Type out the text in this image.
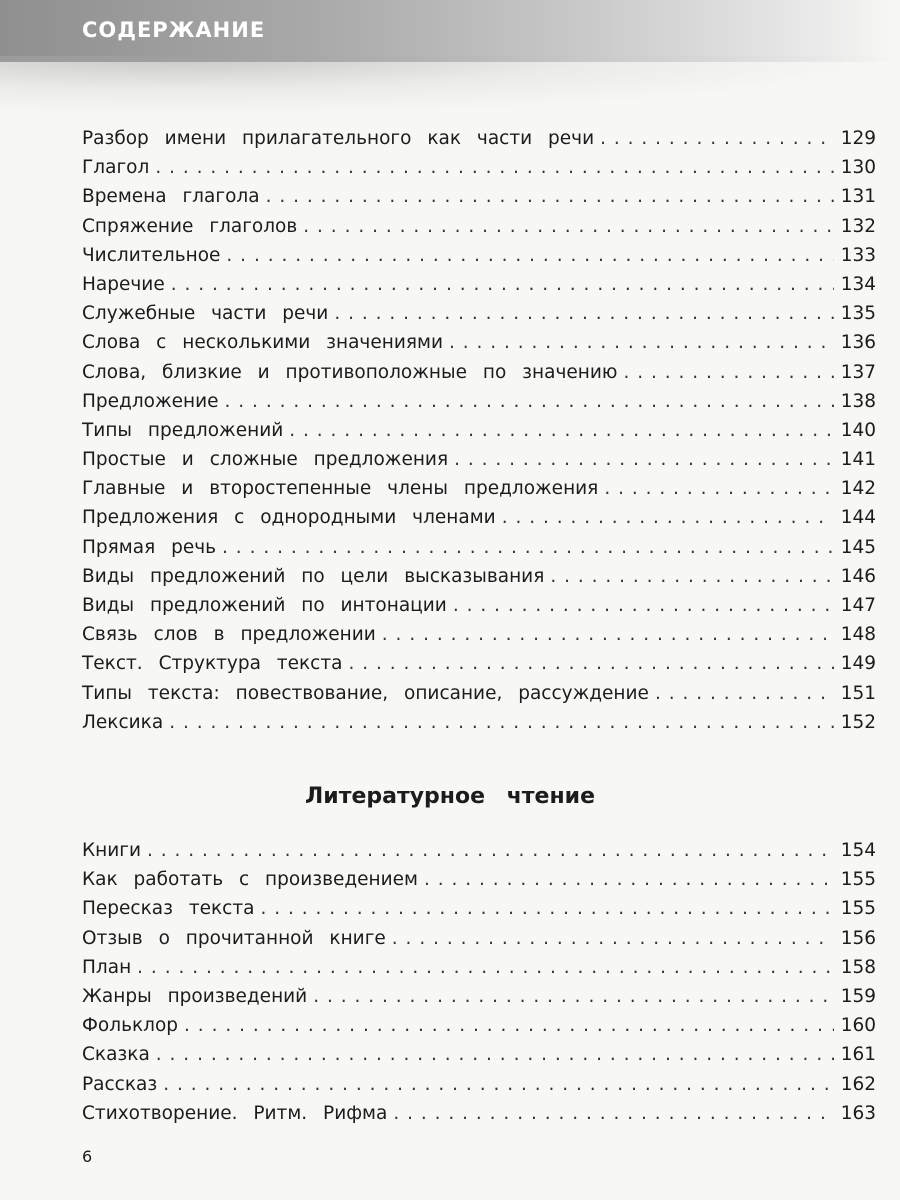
СОДЕРЖАНИЕ
Разбор имени прилагательного как части речи . . .	129
Глагол . . .	130
Времена глагола . . .	131
Спряжение глаголов . . .	132
Числительное . . .	133
Наречие . . .	134
Служебные части речи . . .	135
Слова с несколькими значениями . . .	136
Слова, близкие и противоположные по значению . . .	137
Предложение . . .	138
Типы предложений . . .	140
Простые и сложные предложения . . .	141
Главные и второстепенные члены предложения . . .	142
Предложения с однородными членами . . .	144
Прямая речь . . .	145
Виды предложений по цели высказывания . . .	146
Виды предложений по интонации . . .	147
Связь слов в предложении . . .	148
Текст. Структура текста . . .	149
Типы текста: повествование, описание, рассуждение . . .	151
Лексика . . .	152
Литературное чтение
Книги . . .	154
Как работать с произведением . . .	155
Пересказ текста . . .	155
Отзыв о прочитанной книге . . .	156
План . . .	158
Жанры произведений . . .	159
Фольклор . . .	160
Сказка . . .	161
Рассказ . . .	162
Стихотворение. Ритм. Рифма . . .	163
6
